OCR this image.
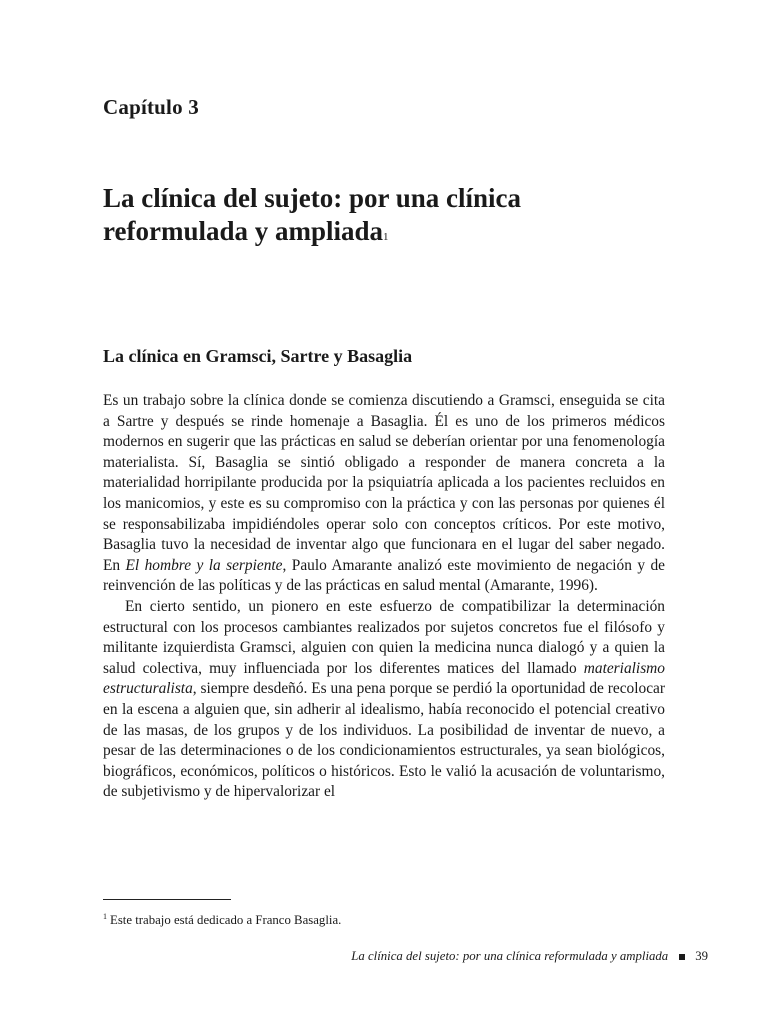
Capítulo 3
La clínica del sujeto: por una clínica reformulada y ampliada$^1$
La clínica en Gramsci, Sartre y Basaglia

Es un trabajo sobre la clínica donde se comienza discutiendo a Gramsci, enseguida se cita a Sartre y después se rinde homenaje a Basaglia. Él es uno de los primeros médicos modernos en sugerir que las prácticas en salud se deberían orientar por una fenomenología materialista. Sí, Basaglia se sintió obligado a responder de manera concreta a la materialidad horripilante producida por la psiquiatría aplicada a los pacientes recluidos en los manicomios, y este es su compromiso con la práctica y con las personas por quienes él se responsabilizaba impidiéndoles operar solo con conceptos críticos. Por este motivo, Basaglia tuvo la necesidad de inventar algo que funcionara en el lugar del saber negado. En El hombre y la serpiente, Paulo Amarante analizó este movimiento de negación y de reinvención de las políticas y de las prácticas en salud mental (Amarante, 1996).

En cierto sentido, un pionero en este esfuerzo de compatibilizar la determinación estructural con los procesos cambiantes realizados por sujetos concretos fue el filósofo y militante izquierdista Gramsci, alguien con quien la medicina nunca dialogó y a quien la salud colectiva, muy influenciada por los diferentes matices del llamado materialismo estructuralista, siempre desdeñó. Es una pena porque se perdió la oportunidad de recolocar en la escena a alguien que, sin adherir al idealismo, había reconocido el potencial creativo de las masas, de los grupos y de los individuos. La posibilidad de inventar de nuevo, a pesar de las determinaciones o de los condicionamientos estructurales, ya sean biológicos, biográficos, económicos, políticos o históricos. Esto le valió la acusación de voluntarismo, de subjetivismo y de hipervalorizar el

$^1$ Este trabajo está dedicado a Franco Basaglia.

La clínica del sujeto: por una clínica reformulada y ampliada 39
